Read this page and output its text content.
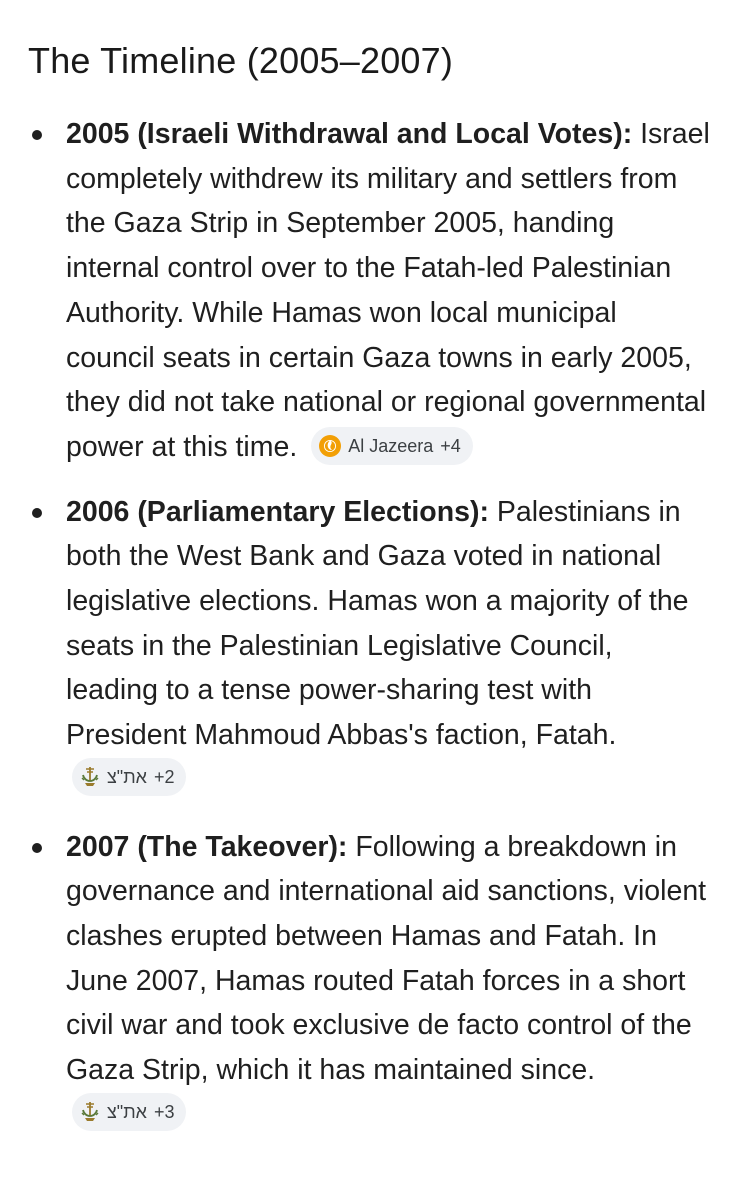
The Timeline (2005–2007)
2005 (Israeli Withdrawal and Local Votes): Israel completely withdrew its military and settlers from the Gaza Strip in September 2005, handing internal control over to the Fatah-led Palestinian Authority. While Hamas won local municipal council seats in certain Gaza towns in early 2005, they did not take national or regional governmental power at this time.	Al Jazeera +4
2006 (Parliamentary Elections): Palestinians in both the West Bank and Gaza voted in national legislative elections. Hamas won a majority of the seats in the Palestinian Legislative Council, leading to a tense power-sharing test with President Mahmoud Abbas's faction, Fatah.
את"צ +2
2007 (The Takeover): Following a breakdown in governance and international aid sanctions, violent clashes erupted between Hamas and Fatah. In June 2007, Hamas routed Fatah forces in a short civil war and took exclusive de facto control of the Gaza Strip, which it has maintained since.
את"צ +3
